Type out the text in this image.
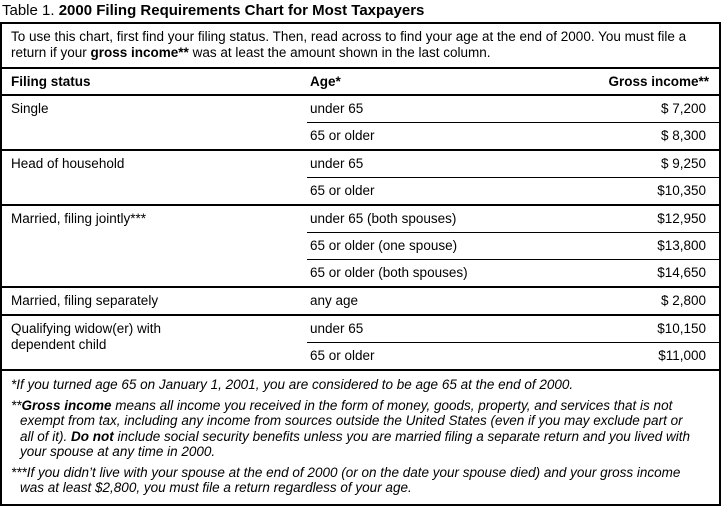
Table 1. 2000 Filing Requirements Chart for Most Taxpayers
To use this chart, first find your filing status. Then, read across to find your age at the end of 2000. You must file a return if your gross income** was at least the amount shown in the last column.
Filing status	Age*	Gross income**
Single	under 65	$ 7,200
	65 or older	$ 8,300
Head of household	under 65	$ 9,250
	65 or older	$10,350
Married, filing jointly***	under 65 (both spouses)	$12,950
	65 or older (one spouse)	$13,800
	65 or older (both spouses)	$14,650
Married, filing separately	any age	$ 2,800
Qualifying widow(er) with dependent child	under 65	$10,150
	65 or older	$11,000

*If you turned age 65 on January 1, 2001, you are considered to be age 65 at the end of 2000.

**Gross income means all income you received in the form of money, goods, property, and services that is not exempt from tax, including any income from sources outside the United States (even if you may exclude part or all of it). Do not include social security benefits unless you are married filing a separate return and you lived with your spouse at any time in 2000.

***If you didn’t live with your spouse at the end of 2000 (or on the date your spouse died) and your gross income was at least $2,800, you must file a return regardless of your age.
